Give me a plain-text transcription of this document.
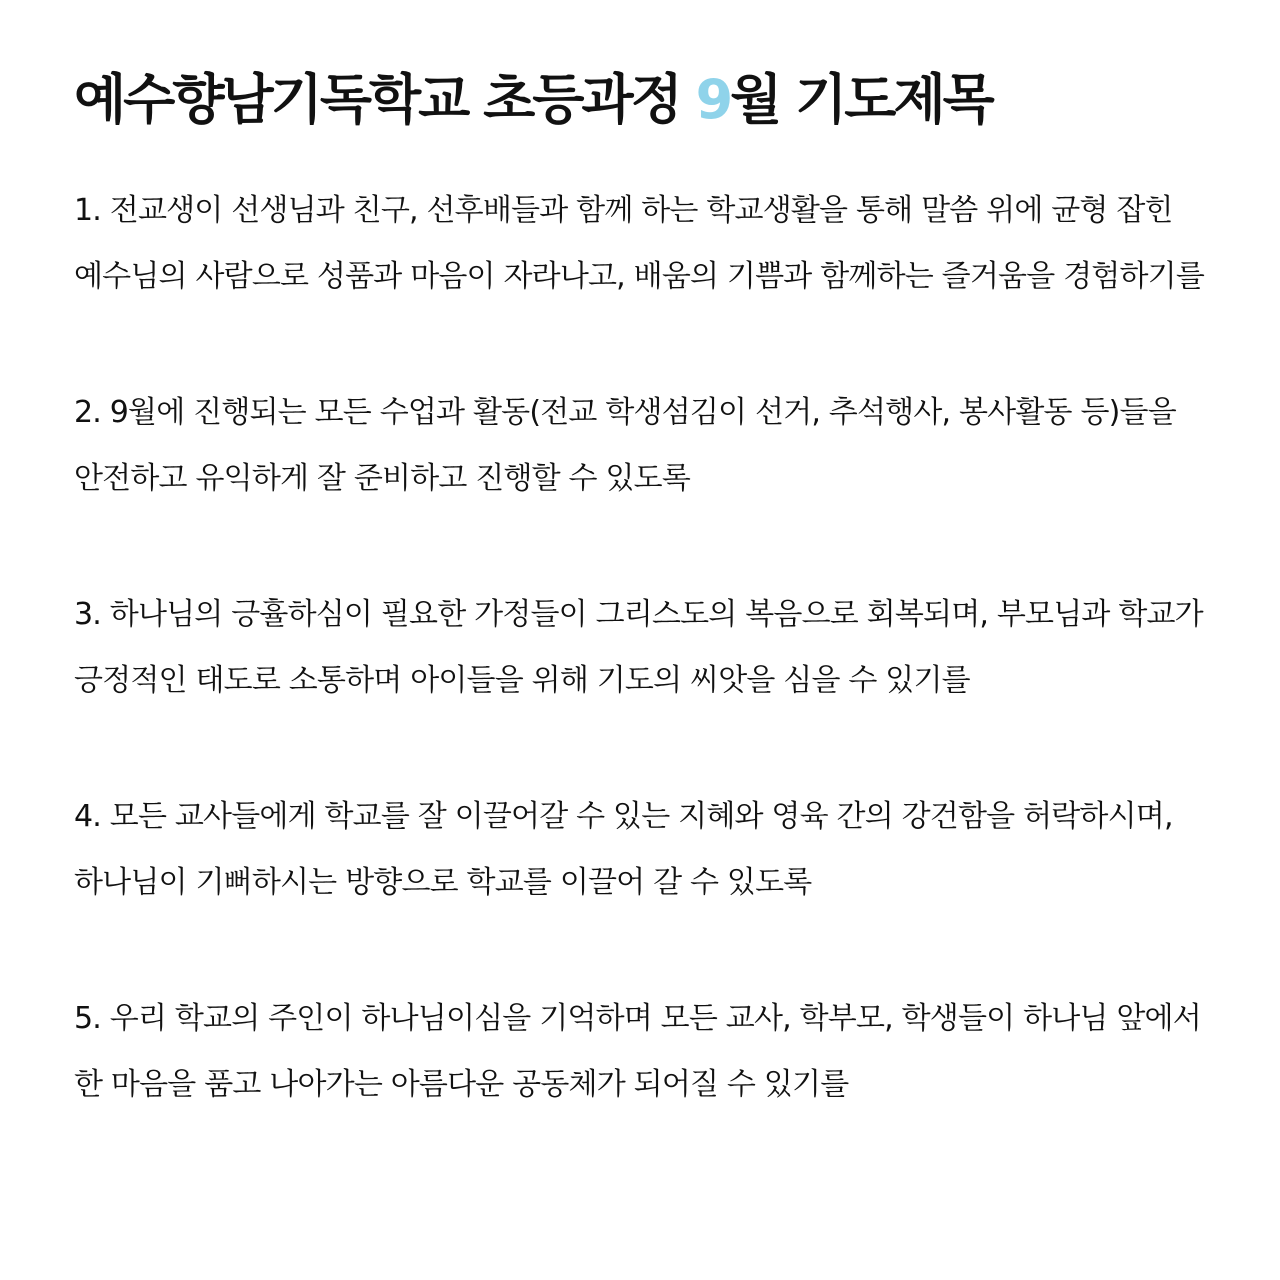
예수향남기독학교 초등과정 9월 기도제목

1. 전교생이 선생님과 친구, 선후배들과 함께 하는 학교생활을 통해 말씀 위에 균형 잡힌 예수님의 사람으로 성품과 마음이 자라나고, 배움의 기쁨과 함께하는 즐거움을 경험하기를

2. 9월에 진행되는 모든 수업과 활동(전교 학생섬김이 선거, 추석행사, 봉사활동 등)들을 안전하고 유익하게 잘 준비하고 진행할 수 있도록

3. 하나님의 긍휼하심이 필요한 가정들이 그리스도의 복음으로 회복되며, 부모님과 학교가 긍정적인 태도로 소통하며 아이들을 위해 기도의 씨앗을 심을 수 있기를

4. 모든 교사들에게 학교를 잘 이끌어갈 수 있는 지혜와 영육 간의 강건함을 허락하시며, 하나님이 기뻐하시는 방향으로 학교를 이끌어 갈 수 있도록

5. 우리 학교의 주인이 하나님이심을 기억하며 모든 교사, 학부모, 학생들이 하나님 앞에서 한 마음을 품고 나아가는 아름다운 공동체가 되어질 수 있기를
